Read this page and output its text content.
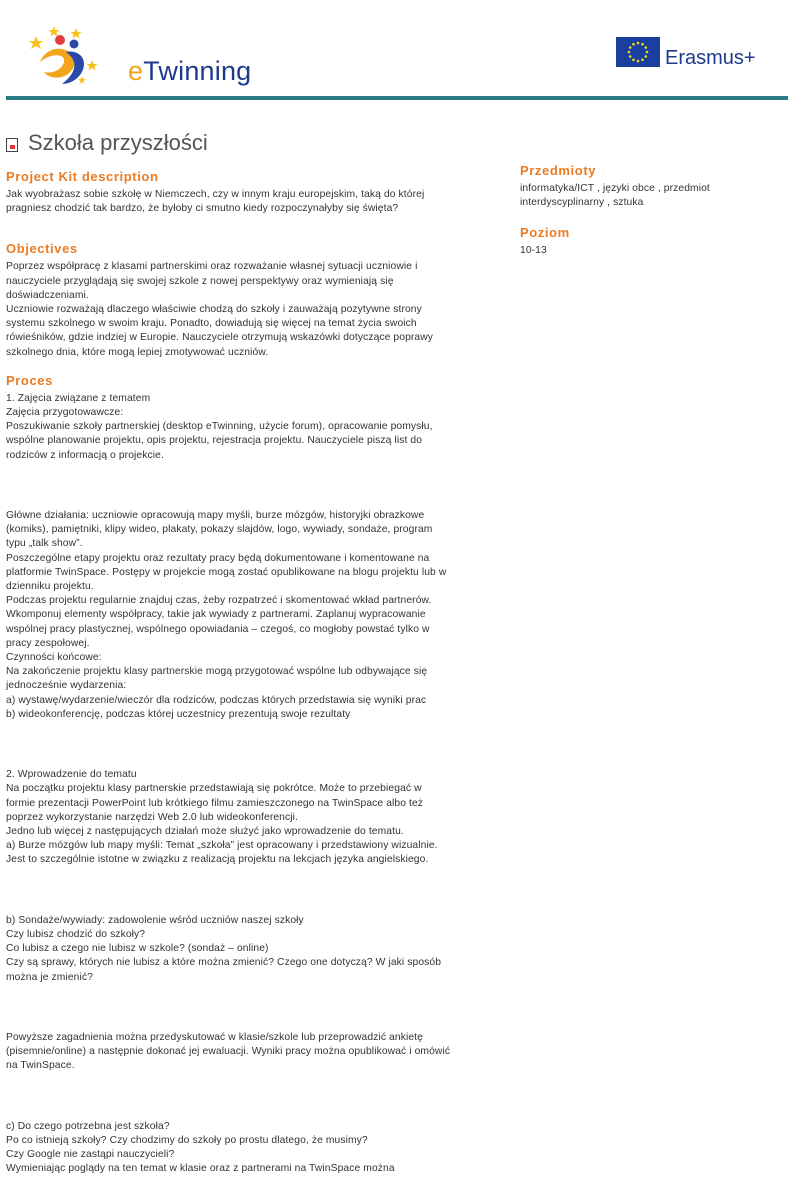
eTwinning	Erasmus+
Szkoła przyszłości
Project Kit description

Jak wyobrażasz sobie szkołę w Niemczech, czy w innym kraju europejskim, taką do której

pragniesz chodzić tak bardzo, że byłoby ci smutno kiedy rozpoczynałyby się święta?

Objectives

Poprzez współpracę z klasami partnerskimi oraz rozważanie własnej sytuacji uczniowie i

nauczyciele przyglądają się swojej szkole z nowej perspektywy oraz wymieniają się

doświadczeniami.

Uczniowie rozważają dlaczego właściwie chodzą do szkoły i zauważają pozytywne strony

systemu szkolnego w swoim kraju. Ponadto, dowiadują się więcej na temat życia swoich

rówieśników, gdzie indziej w Europie. Nauczyciele otrzymują wskazówki dotyczące poprawy

szkolnego dnia, które mogą lepiej zmotywować uczniów.

Proces

1. Zajęcia związane z tematem

Zajęcia przygotowawcze:

Poszukiwanie szkoły partnerskiej (desktop eTwinning, użycie forum), opracowanie pomysłu,

wspólne planowanie projektu, opis projektu, rejestracja projektu. Nauczyciele piszą list do

rodziców z informacją o projekcie.

Główne działania: uczniowie opracowują mapy myśli, burze mózgów, historyjki obrazkowe

(komiks), pamiętniki, klipy wideo, plakaty, pokazy slajdów, logo, wywiady, sondaże, program

typu „talk show”.

Poszczególne etapy projektu oraz rezultaty pracy będą dokumentowane i komentowane na

platformie TwinSpace. Postępy w projekcie mogą zostać opublikowane na blogu projektu lub w

dzienniku projektu.

Podczas projektu regularnie znajduj czas, żeby rozpatrzeć i skomentować wkład partnerów.

Wkomponuj elementy współpracy, takie jak wywiady z partnerami. Zaplanuj wypracowanie

wspólnej pracy plastycznej, wspólnego opowiadania – czegoś, co mogłoby powstać tylko w

pracy zespołowej.

Czynności końcowe:

Na zakończenie projektu klasy partnerskie mogą przygotować wspólne lub odbywające się

jednocześnie wydarzenia:

a) wystawę/wydarzenie/wieczór dla rodziców, podczas których przedstawia się wyniki prac

b) wideokonferencję, podczas której uczestnicy prezentują swoje rezultaty

2. Wprowadzenie do tematu

Na początku projektu klasy partnerskie przedstawiają się pokrótce. Może to przebiegać w

formie prezentacji PowerPoint lub krótkiego filmu zamieszczonego na TwinSpace albo też

poprzez wykorzystanie narzędzi Web 2.0 lub wideokonferencji.

Jedno lub więcej z następujących działań może służyć jako wprowadzenie do tematu.

a) Burze mózgów lub mapy myśli: Temat „szkoła” jest opracowany i przedstawiony wizualnie.

Jest to szczególnie istotne w związku z realizacją projektu na lekcjach języka angielskiego.

b) Sondaże/wywiady: zadowolenie wśród uczniów naszej szkoły

Czy lubisz chodzić do szkoły?

Co lubisz a czego nie lubisz w szkole? (sondaż – online)

Czy są sprawy, których nie lubisz a które można zmienić? Czego one dotyczą? W jaki sposób

można je zmienić?

Powyższe zagadnienia można przedyskutować w klasie/szkole lub przeprowadzić ankietę

(pisemnie/online) a następnie dokonać jej ewaluacji. Wyniki pracy można opublikować i omówić

na TwinSpace.

c) Do czego potrzebna jest szkoła?

Po co istnieją szkoły? Czy chodzimy do szkoły po prostu dlatego, że musimy?

Czy Google nie zastąpi nauczycieli?

Wymieniając poglądy na ten temat w klasie oraz z partnerami na TwinSpace można

Przedmioty

informatyka/ICT , języki obce , przedmiot

interdyscyplinarny , sztuka

Poziom

10-13
